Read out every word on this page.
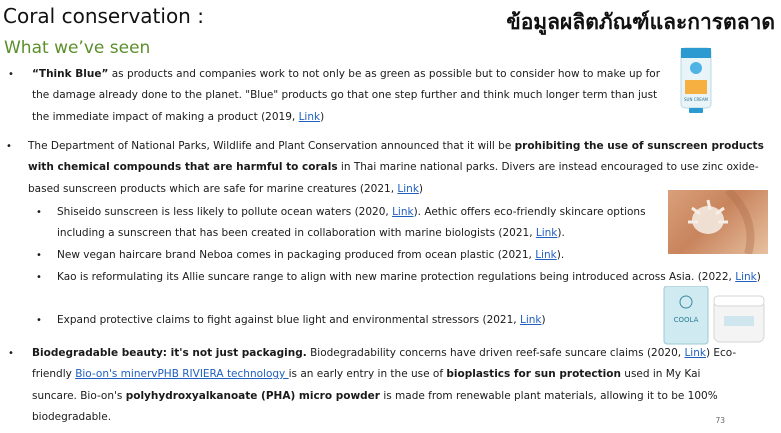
Coral conservation :	ข้อมูลผลิตภัณฑ์และการตลาด
What we’ve seen
• “Think Blue” as products and companies work to not only be as green as possible but to consider how to make up for the damage already done to the planet. "Blue" products go that one step further and think much longer term than just the immediate impact of making a product (2019, Link)
• The Department of National Parks, Wildlife and Plant Conservation announced that it will be prohibiting the use of sunscreen products with chemical compounds that are harmful to corals in Thai marine national parks. Divers are instead encouraged to use zinc oxide-based sunscreen products which are safe for marine creatures (2021, Link)
• Shiseido sunscreen is less likely to pollute ocean waters (2020, Link). Aethic offers eco-friendly skincare options including a sunscreen that has been created in collaboration with marine biologists (2021, Link).
• New vegan haircare brand Neboa comes in packaging produced from ocean plastic (2021, Link).
• Kao is reformulating its Allie suncare range to align with new marine protection regulations being introduced across Asia. (2022, Link)
• Expand protective claims to fight against blue light and environmental stressors (2021, Link)
• Biodegradable beauty: it's not just packaging. Biodegradability concerns have driven reef-safe suncare claims (2020, Link) Eco-friendly Bio-on's minervPHB RIVIERA technology is an early entry in the use of bioplastics for sun protection used in My Kai suncare. Bio-on's polyhydroxyalkanoate (PHA) micro powder is made from renewable plant materials, allowing it to be 100% biodegradable.
SUN CREAM
COOLA
73
